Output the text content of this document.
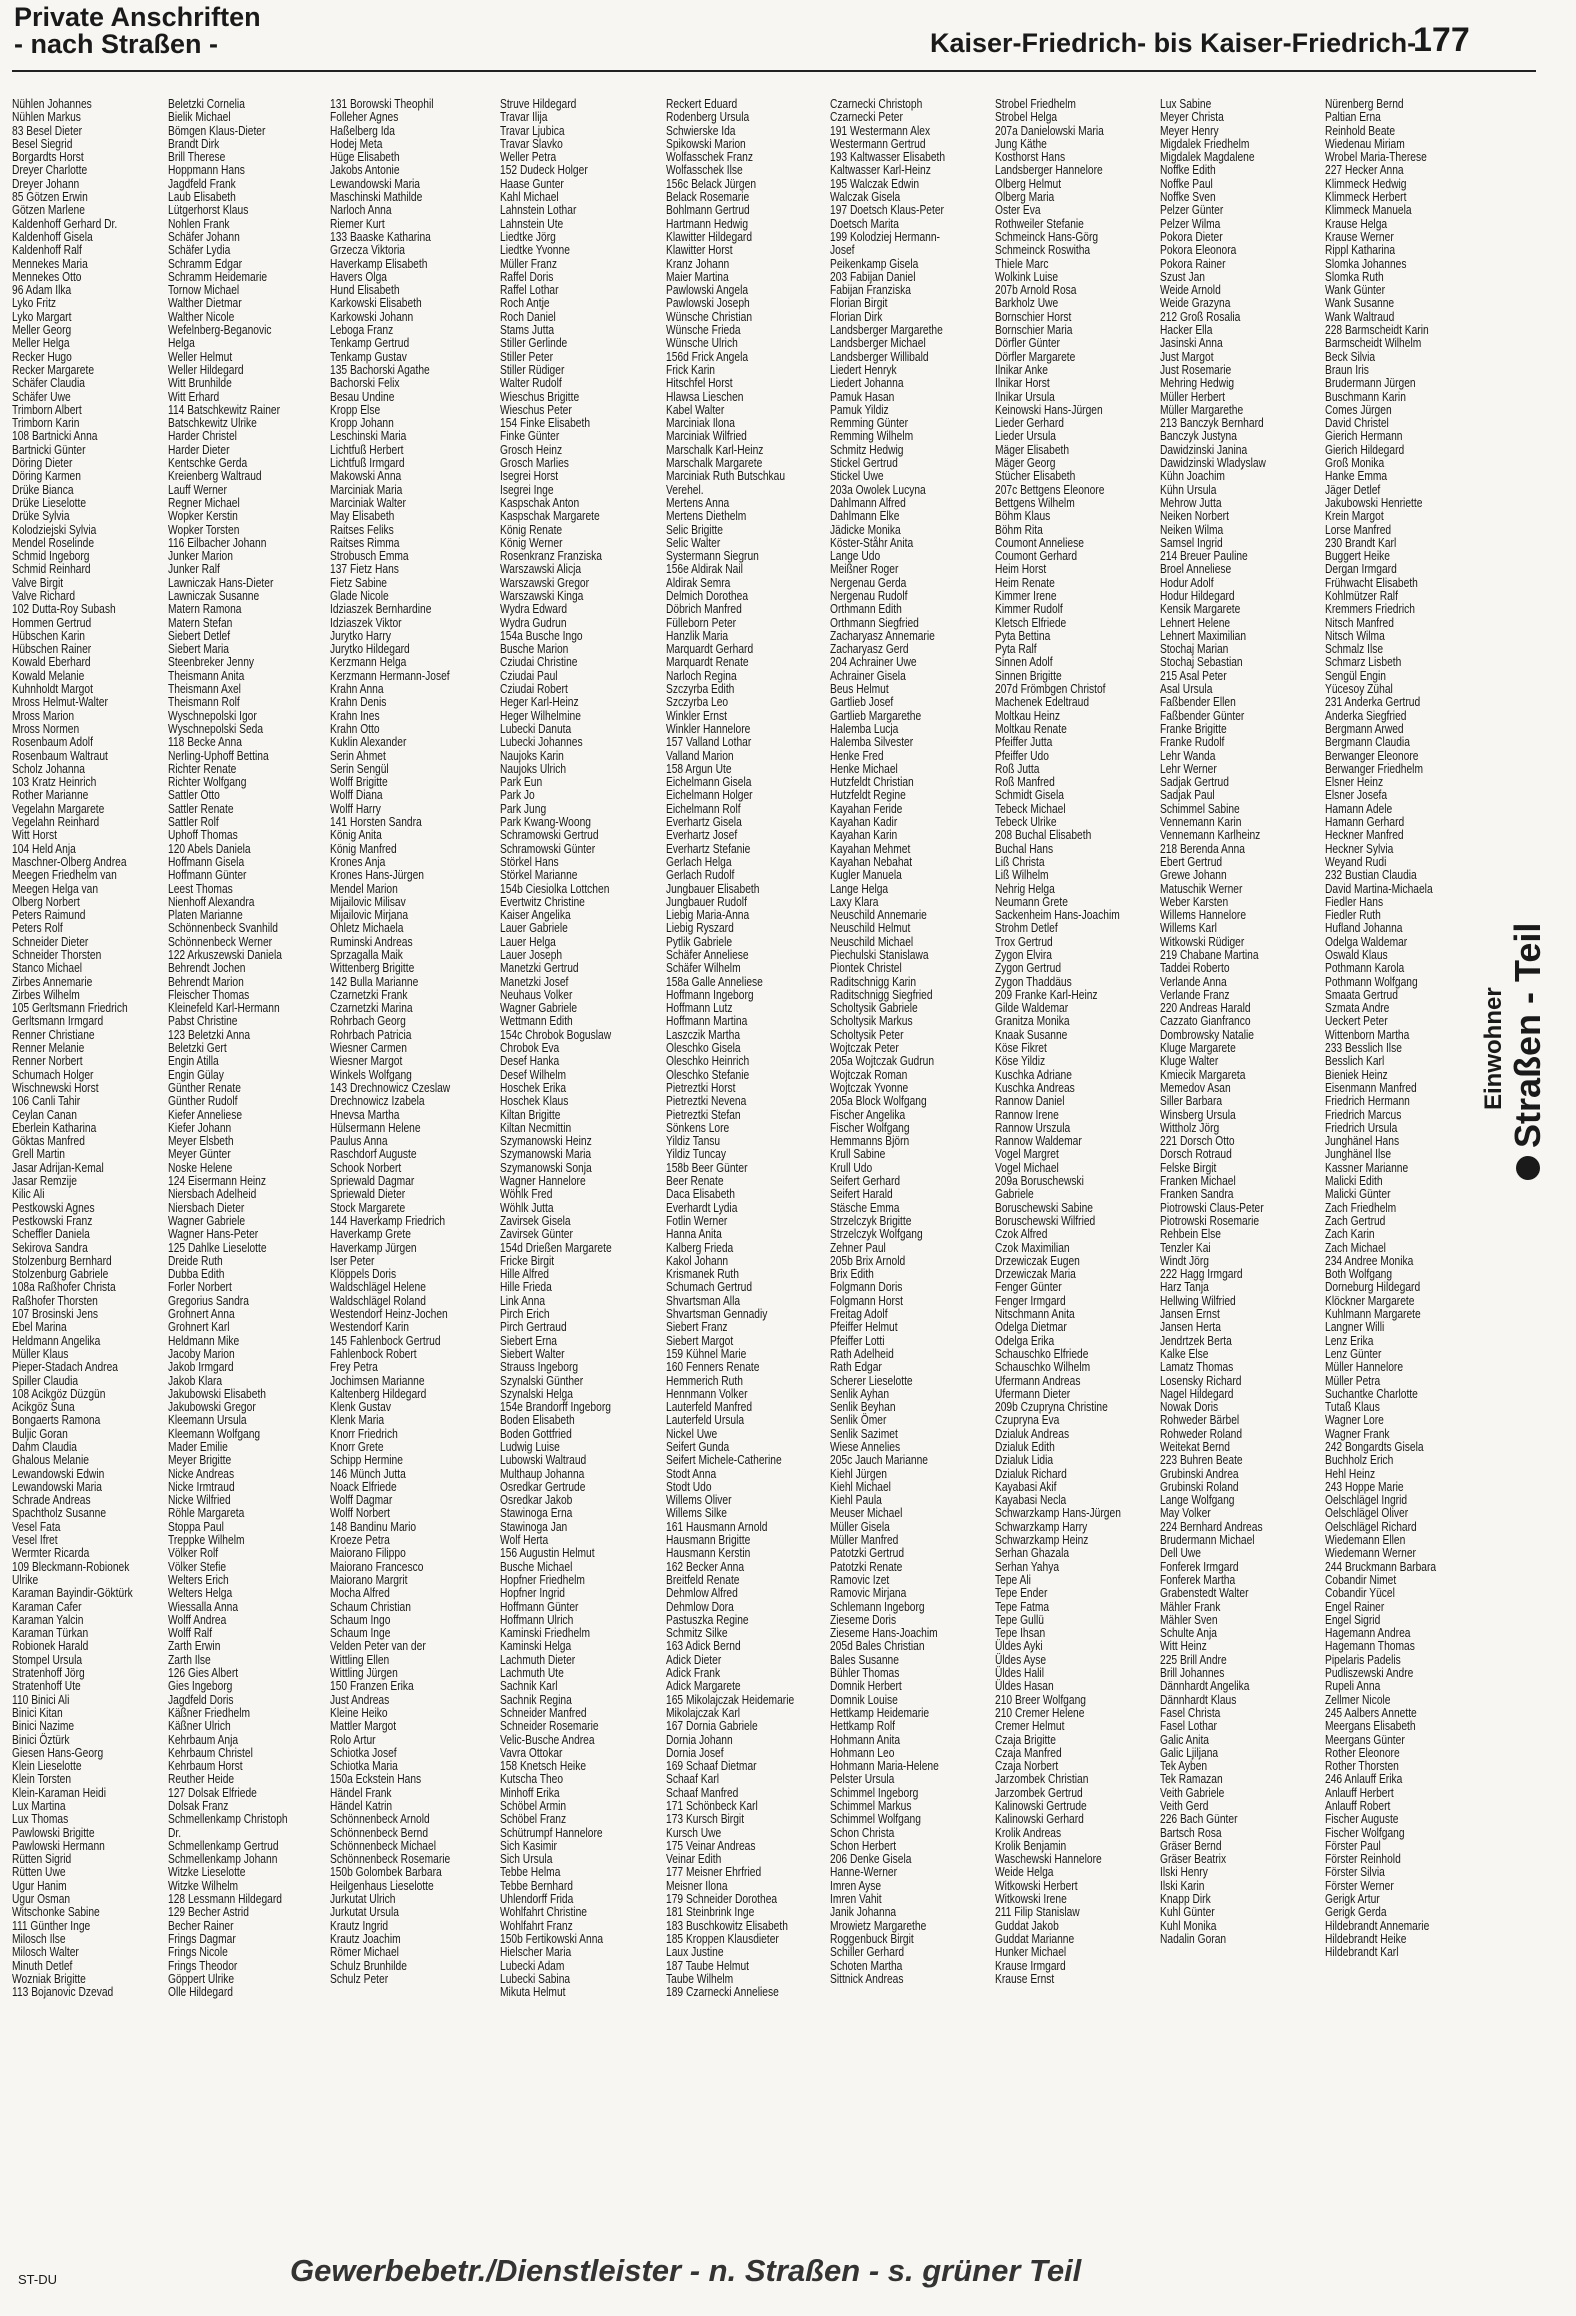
Private Anschriften
- nach Straßen -	Kaiser-Friedrich- bis Kaiser-Friedrich-
177
Einwohner Straßen - Teil
Nühlen Johannes
Nühlen Markus
83 Besel Dieter
Besel Siegrid
Borgardts Horst
Dreyer Charlotte
Dreyer Johann
85 Götzen Erwin
Götzen Marlene
Kaldenhoff Gerhard Dr.
Kaldenhoff Gisela
Kaldenhoff Ralf
Mennekes Maria
Mennekes Otto
96 Adam Ilka
Lyko Fritz
Lyko Margart
Meller Georg
Meller Helga
Recker Hugo
Recker Margarete
Schäfer Claudia
Schäfer Uwe
Trimborn Albert
Trimborn Karin
108 Bartnicki Anna
Bartnicki Günter
Döring Dieter
Döring Karmen
Drüke Bianca
Drüke Lieselotte
Drüke Sylvia
Kolodziejski Sylvia
Mendel Roselinde
Schmid Ingeborg
Schmid Reinhard
Valve Birgit
Valve Richard
102 Dutta-Roy Subash
Hommen Gertrud
Hübschen Karin
Hübschen Rainer
Kowald Eberhard
Kowald Melanie
Kuhnholdt Margot
Mross Helmut-Walter
Mross Marion
Mross Normen
Rosenbaum Adolf
Rosenbaum Waltraut
Scholz Johanna
103 Kratz Heinrich
Rother Marianne
Vegelahn Margarete
Vegelahn Reinhard
Witt Horst
104 Held Anja
Maschner-Olberg Andrea
Meegen Friedhelm van
Meegen Helga van
Olberg Norbert
Peters Raimund
Peters Rolf
Schneider Dieter
Schneider Thorsten
Stanco Michael
Zirbes Annemarie
Zirbes Wilhelm
105 Gerltsmann Friedrich
Gerltsmann Irmgard
Renner Christiane
Renner Melanie
Renner Norbert
Schumach Holger
Wischnewski Horst
106 Canli Tahir
Ceylan Canan
Eberlein Katharina
Göktas Manfred
Grell Martin
Jasar Adrijan-Kemal
Jasar Remzije
Kilic Ali
Pestkowski Agnes
Pestkowski Franz
Scheffler Daniela
Sekirova Sandra
Stolzenburg Bernhard
Stolzenburg Gabriele
108a Raßhofer Christa
Raßhofer Thorsten
107 Brosinski Jens
Ebel Marina
Heldmann Angelika
Müller Klaus
Pieper-Stadach Andrea
Spiller Claudia
108 Acikgöz Düzgün
Acikgöz Suna
Bongaerts Ramona
Buljic Goran
Dahm Claudia
Ghalous Melanie
Lewandowski Edwin
Lewandowski Maria
Schrade Andreas
Spachtholz Susanne
Vesel Fata
Vesel Ifret
Wermter Ricarda
109 Bleckmann-Robionek
Ulrike
Karaman Bayindir-Göktürk
Karaman Cafer
Karaman Yalcin
Karaman Türkan
Robionek Harald
Stompel Ursula
Stratenhoff Jörg
Stratenhoff Ute
110 Binici Ali
Binici Kitan
Binici Nazime
Binici Öztürk
Giesen Hans-Georg
Klein Lieselotte
Klein Torsten
Klein-Karaman Heidi
Lux Martina
Lux Thomas
Pawlowski Brigitte
Pawlowski Hermann
Rütten Sigrid
Rütten Uwe
Ugur Hanim
Ugur Osman
Witschonke Sabine
111 Günther Inge
Milosch Ilse
Milosch Walter
Minuth Detlef
Wozniak Brigitte
113 Bojanovic Dzevad
Beletzki Cornelia
Bielik Michael
Bömgen Klaus-Dieter
Brandt Dirk
Brill Therese
Hoppmann Hans
Jagdfeld Frank
Laub Elisabeth
Lütgerhorst Klaus
Nohlen Frank
Schäfer Johann
Schäfer Lydia
Schramm Edgar
Schramm Heidemarie
Tornow Michael
Walther Dietmar
Walther Nicole
Wefelnberg-Beganovic
Helga
Weller Helmut
Weller Hildegard
Witt Brunhilde
Witt Erhard
114 Batschkewitz Rainer
Batschkewitz Ulrike
Harder Christel
Harder Dieter
Kentschke Gerda
Kreienberg Waltraud
Lauff Werner
Regner Michael
Wopker Kerstin
Wopker Torsten
116 Eilbacher Johann
Junker Marion
Junker Ralf
Lawniczak Hans-Dieter
Lawniczak Susanne
Matern Ramona
Matern Stefan
Siebert Detlef
Siebert Maria
Steenbreker Jenny
Theismann Anita
Theismann Axel
Theismann Rolf
Wyschnepolski Igor
Wyschnepolski Seda
118 Becke Anna
Nerling-Uphoff Bettina
Richter Renate
Richter Wolfgang
Sattler Otto
Sattler Renate
Sattler Rolf
Uphoff Thomas
120 Abels Daniela
Hoffmann Gisela
Hoffmann Günter
Leest Thomas
Nienhoff Alexandra
Platen Marianne
Schönnenbeck Svanhild
Schönnenbeck Werner
122 Arkuszewski Daniela
Behrendt Jochen
Behrendt Marion
Fleischer Thomas
Kleinefeld Karl-Hermann
Pabst Christine
123 Beletzki Anna
Beletzki Gert
Engin Atilla
Engin Gülay
Günther Renate
Günther Rudolf
Kiefer Anneliese
Kiefer Johann
Meyer Elsbeth
Meyer Günter
Noske Helene
124 Eisermann Heinz
Niersbach Adelheid
Niersbach Dieter
Wagner Gabriele
Wagner Hans-Peter
125 Dahlke Lieselotte
Dreide Ruth
Dubba Edith
Forler Norbert
Gregorius Sandra
Grohnert Anna
Grohnert Karl
Heldmann Mike
Jacoby Marion
Jakob Irmgard
Jakob Klara
Jakubowski Elisabeth
Jakubowski Gregor
Kleemann Ursula
Kleemann Wolfgang
Mader Emilie
Meyer Brigitte
Nicke Andreas
Nicke Irmtraud
Nicke Wilfried
Röhle Margareta
Stoppa Paul
Treppke Wilhelm
Völker Rolf
Völker Stefie
Welters Erich
Welters Helga
Wiessalla Anna
Wolff Andrea
Wolff Ralf
Zarth Erwin
Zarth Ilse
126 Gies Albert
Gies Ingeborg
Jagdfeld Doris
Käßner Friedhelm
Käßner Ulrich
Kehrbaum Anja
Kehrbaum Christel
Kehrbaum Horst
Reuther Heide
127 Dolsak Elfriede
Dolsak Franz
Schmellenkamp Christoph
Dr.
Schmellenkamp Gertrud
Schmellenkamp Johann
Witzke Lieselotte
Witzke Wilhelm
128 Lessmann Hildegard
129 Becher Astrid
Becher Rainer
Frings Dagmar
Frings Nicole
Frings Theodor
Göppert Ulrike
Olle Hildegard
131 Borowski Theophil
Folleher Agnes
Haßelberg Ida
Hodej Meta
Hüge Elisabeth
Jakobs Antonie
Lewandowski Maria
Maschinski Mathilde
Narloch Anna
Riemer Kurt
133 Baaske Katharina
Grzecza Viktoria
Haverkamp Elisabeth
Havers Olga
Hund Elisabeth
Karkowski Elisabeth
Karkowski Johann
Leboga Franz
Tenkamp Gertrud
Tenkamp Gustav
135 Bachorski Agathe
Bachorski Felix
Besau Undine
Kropp Else
Kropp Johann
Leschinski Maria
Lichtfuß Herbert
Lichtfuß Irmgard
Makowski Anna
Marciniak Maria
Marciniak Walter
May Elisabeth
Raitses Feliks
Raitses Rimma
Strobusch Emma
137 Fietz Hans
Fietz Sabine
Glade Nicole
Idziaszek Bernhardine
Idziaszek Viktor
Jurytko Harry
Jurytko Hildegard
Kerzmann Helga
Kerzmann Hermann-Josef
Krahn Anna
Krahn Denis
Krahn Ines
Krahn Otto
Kuklin Alexander
Serin Ahmet
Serin Sengül
Wolff Brigitte
Wolff Diana
Wolff Harry
141 Horsten Sandra
König Anita
König Manfred
Krones Anja
Krones Hans-Jürgen
Mendel Marion
Mijailovic Milisav
Mijailovic Mirjana
Ohletz Michaela
Ruminski Andreas
Sprzagalla Maik
Wittenberg Brigitte
142 Bulla Marianne
Czarnetzki Frank
Czarnetzki Marina
Rohrbach Georg
Rohrbach Patricia
Wiesner Carmen
Wiesner Margot
Winkels Wolfgang
143 Drechnowicz Czeslaw
Drechnowicz Izabela
Hnevsa Martha
Hülsermann Helene
Paulus Anna
Raschdorf Auguste
Schook Norbert
Spriewald Dagmar
Spriewald Dieter
Stock Margarete
144 Haverkamp Friedrich
Haverkamp Grete
Haverkamp Jürgen
Iser Peter
Klöppels Doris
Waldschlägel Helene
Waldschlägel Roland
Westendorf Heinz-Jochen
Westendorf Karin
145 Fahlenbock Gertrud
Fahlenbock Robert
Frey Petra
Jochimsen Marianne
Kaltenberg Hildegard
Klenk Gustav
Klenk Maria
Knorr Friedrich
Knorr Grete
Schipp Hermine
146 Münch Jutta
Noack Elfriede
Wolff Dagmar
Wolff Norbert
148 Bandinu Mario
Kroeze Petra
Maiorano Filippo
Maiorano Francesco
Maiorano Margrit
Mocha Alfred
Schaum Christian
Schaum Ingo
Schaum Inge
Velden Peter van der
Wittling Ellen
Wittling Jürgen
150 Franzen Erika
Just Andreas
Kleine Heiko
Mattler Margot
Rolo Artur
Schiotka Josef
Schiotka Maria
150a Eckstein Hans
Händel Frank
Händel Katrin
Schönnenbeck Arnold
Schönnenbeck Bernd
Schönnenbeck Michael
Schönnenbeck Rosemarie
150b Golombek Barbara
Heilgenhaus Lieselotte
Jurkutat Ulrich
Jurkutat Ursula
Krautz Ingrid
Krautz Joachim
Römer Michael
Schulz Brunhilde
Schulz Peter
Struve Hildegard
Travar Ilija
Travar Ljubica
Travar Slavko
Weller Petra
152 Dudeck Holger
Haase Gunter
Kahl Michael
Lahnstein Lothar
Lahnstein Ute
Liedtke Jörg
Liedtke Yvonne
Müller Franz
Raffel Doris
Raffel Lothar
Roch Antje
Roch Daniel
Stams Jutta
Stiller Gerlinde
Stiller Peter
Stiller Rüdiger
Walter Rudolf
Wieschus Brigitte
Wieschus Peter
154 Finke Elisabeth
Finke Günter
Grosch Heinz
Grosch Marlies
Isegrei Horst
Isegrei Inge
Kaspschak Anton
Kaspschak Margarete
König Renate
König Werner
Rosenkranz Franziska
Warszawski Alicja
Warszawski Gregor
Warszawski Kinga
Wydra Edward
Wydra Gudrun
154a Busche Ingo
Busche Marion
Cziudai Christine
Cziudai Paul
Cziudai Robert
Heger Karl-Heinz
Heger Wilhelmine
Lubecki Danuta
Lubecki Johannes
Naujoks Karin
Naujoks Ulrich
Park Eun
Park Jo
Park Jung
Park Kwang-Woong
Schramowski Gertrud
Schramowski Günter
Störkel Hans
Störkel Marianne
154b Ciesiolka Lottchen
Evertwitz Christine
Kaiser Angelika
Lauer Gabriele
Lauer Helga
Lauer Joseph
Manetzki Gertrud
Manetzki Josef
Neuhaus Volker
Wagner Gabriele
Wettmann Edith
154c Chrobok Boguslaw
Chrobok Eva
Desef Hanka
Desef Wilhelm
Hoschek Erika
Hoschek Klaus
Kiltan Brigitte
Kiltan Necmittin
Szymanowski Heinz
Szymanowski Maria
Szymanowski Sonja
Wagner Hannelore
Wöhlk Fred
Wöhlk Jutta
Zavirsek Gisela
Zavirsek Günter
154d Drießen Margarete
Fricke Birgit
Hille Alfred
Hille Frieda
Link Anna
Pirch Erich
Pirch Gertraud
Siebert Erna
Siebert Walter
Strauss Ingeborg
Szynalski Günther
Szynalski Helga
154e Brandorff Ingeborg
Boden Elisabeth
Boden Gottfried
Ludwig Luise
Lubowski Waltraud
Multhaup Johanna
Osredkar Gertrude
Osredkar Jakob
Stawinoga Erna
Stawinoga Jan
Wolf Herta
156 Augustin Helmut
Busche Michael
Hopfner Friedhelm
Hopfner Ingrid
Hoffmann Günter
Hoffmann Ulrich
Kaminski Friedhelm
Kaminski Helga
Lachmuth Dieter
Lachmuth Ute
Sachnik Karl
Sachnik Regina
Schneider Manfred
Schneider Rosemarie
Velic-Busche Andrea
Vavra Ottokar
158 Knetsch Heike
Kutscha Theo
Minhoff Erika
Schöbel Armin
Schöbel Franz
Schütrumpf Hannelore
Sich Kasimir
Sich Ursula
Tebbe Helma
Tebbe Bernhard
Uhlendorff Frida
Wohlfahrt Christine
Wohlfahrt Franz
150b Fertikowski Anna
Hielscher Maria
Lubecki Adam
Lubecki Sabina
Mikuta Helmut
Reckert Eduard
Rodenberg Ursula
Schwierske Ida
Spikowski Marion
Wolfasschek Franz
Wolfasschek Ilse
156c Belack Jürgen
Belack Rosemarie
Bohlmann Gertrud
Hartmann Hedwig
Klawitter Hildegard
Klawitter Horst
Kranz Johann
Maier Martina
Pawlowski Angela
Pawlowski Joseph
Wünsche Christian
Wünsche Frieda
Wünsche Ulrich
156d Frick Angela
Frick Karin
Hitschfel Horst
Hlawsa Lieschen
Kabel Walter
Marciniak Ilona
Marciniak Wilfried
Marschalk Karl-Heinz
Marschalk Margarete
Marciniak Ruth Butschkau
Verehel.
Mertens Anna
Mertens Diethelm
Selic Brigitte
Selic Walter
Systermann Siegrun
156e Aldirak Nail
Aldirak Semra
Delmich Dorothea
Döbrich Manfred
Fülleborn Peter
Hanzlik Maria
Marquardt Gerhard
Marquardt Renate
Narloch Regina
Szczyrba Edith
Szczyrba Leo
Winkler Ernst
Winkler Hannelore
157 Valland Lothar
Valland Marion
158 Argun Ute
Eichelmann Gisela
Eichelmann Holger
Eichelmann Rolf
Everhartz Gisela
Everhartz Josef
Everhartz Stefanie
Gerlach Helga
Gerlach Rudolf
Jungbauer Elisabeth
Jungbauer Rudolf
Liebig Maria-Anna
Liebig Ryszard
Pytlik Gabriele
Schäfer Anneliese
Schäfer Wilhelm
158a Galle Anneliese
Hoffmann Ingeborg
Hoffmann Lutz
Hoffmann Martina
Laszczik Martha
Oleschko Gisela
Oleschko Heinrich
Oleschko Stefanie
Pietreztki Horst
Pietreztki Nevena
Pietreztki Stefan
Sönkens Lore
Yildiz Tansu
Yildiz Tuncay
158b Beer Günter
Beer Renate
Daca Elisabeth
Everhardt Lydia
Fotlin Werner
Hanna Anita
Kalberg Frieda
Kakol Johann
Krismanek Ruth
Schumach Gertrud
Shvartsman Alla
Shvartsman Gennadiy
Siebert Franz
Siebert Margot
159 Kühnel Marie
160 Fenners Renate
Hemmerich Ruth
Hennmann Volker
Lauterfeld Manfred
Lauterfeld Ursula
Nickel Uwe
Seifert Gunda
Seifert Michele-Catherine
Stodt Anna
Stodt Udo
Willems Oliver
Willems Silke
161 Hausmann Arnold
Hausmann Brigitte
Hausmann Kerstin
162 Becker Anna
Breitfeld Renate
Dehmlow Alfred
Dehmlow Dora
Pastuszka Regine
Schmitz Silke
163 Adick Bernd
Adick Dieter
Adick Frank
Adick Margarete
165 Mikolajczak Heidemarie
Mikolajczak Karl
167 Dornia Gabriele
Dornia Johann
Dornia Josef
169 Schaaf Dietmar
Schaaf Karl
Schaaf Manfred
171 Schönbeck Karl
173 Kursch Birgit
Kursch Uwe
175 Veinar Andreas
Veinar Edith
177 Meisner Ehrfried
Meisner Ilona
179 Schneider Dorothea
181 Steinbrink Inge
183 Buschkowitz Elisabeth
185 Kroppen Klausdieter
Laux Justine
187 Taube Helmut
Taube Wilhelm
189 Czarnecki Anneliese
Czarnecki Christoph
Czarnecki Peter
191 Westermann Alex
Westermann Gertrud
193 Kaltwasser Elisabeth
Kaltwasser Karl-Heinz
195 Walczak Edwin
Walczak Gisela
197 Doetsch Klaus-Peter
Doetsch Marita
199 Kolodziej Hermann-
Josef
Peikenkamp Gisela
203 Fabijan Daniel
Fabijan Franziska
Florian Birgit
Florian Dirk
Landsberger Margarethe
Landsberger Michael
Landsberger Willibald
Liedert Henryk
Liedert Johanna
Pamuk Hasan
Pamuk Yildiz
Remming Günter
Remming Wilhelm
Schmitz Hedwig
Stickel Gertrud
Stickel Uwe
203a Owolek Lucyna
Dahlmann Alfred
Dahlmann Elke
Jädicke Monika
Köster-Ståhr Anita
Lange Udo
Meißner Roger
Nergenau Gerda
Nergenau Rudolf
Orthmann Edith
Orthmann Siegfried
Zacharyasz Annemarie
Zacharyasz Gerd
204 Achrainer Uwe
Achrainer Gisela
Beus Helmut
Gartlieb Josef
Gartlieb Margarethe
Halemba Lucja
Halemba Silvester
Henke Fred
Henke Michael
Hutzfeldt Christian
Hutzfeldt Regine
Kayahan Feride
Kayahan Kadir
Kayahan Karin
Kayahan Mehmet
Kayahan Nebahat
Kugler Manuela
Lange Helga
Laxy Klara
Neuschild Annemarie
Neuschild Helmut
Neuschild Michael
Piechulski Stanislawa
Piontek Christel
Raditschnigg Karin
Raditschnigg Siegfried
Scholtysik Gabriele
Scholtysik Markus
Scholtysik Peter
Wojtczak Peter
205a Wojtczak Gudrun
Wojtczak Roman
Wojtczak Yvonne
205a Block Wolfgang
Fischer Angelika
Fischer Wolfgang
Hemmanns Björn
Krull Sabine
Krull Udo
Seifert Gerhard
Seifert Harald
Stäsche Emma
Strzelczyk Brigitte
Strzelczyk Wolfgang
Zehner Paul
205b Brix Arnold
Brix Edith
Folgmann Doris
Folgmann Horst
Freitag Adolf
Pfeiffer Helmut
Pfeiffer Lotti
Rath Adelheid
Rath Edgar
Scherer Lieselotte
Senlik Ayhan
Senlik Beyhan
Senlik Ömer
Senlik Sazimet
Wiese Annelies
205c Jauch Marianne
Kiehl Jürgen
Kiehl Michael
Kiehl Paula
Meuser Michael
Müller Gisela
Müller Manfred
Patotzki Gertrud
Patotzki Renate
Ramovic Izet
Ramovic Mirjana
Schlemann Ingeborg
Zieseme Doris
Zieseme Hans-Joachim
205d Bales Christian
Bales Susanne
Bühler Thomas
Domnik Herbert
Domnik Louise
Hettkamp Heidemarie
Hettkamp Rolf
Hohmann Anita
Hohmann Leo
Hohmann Maria-Helene
Pelster Ursula
Schimmel Ingeborg
Schimmel Markus
Schimmel Wolfgang
Schon Christa
Schon Herbert
206 Denke Gisela
Hanne-Werner
Imren Ayse
Imren Vahit
Janik Johanna
Mrowietz Margarethe
Roggenbuck Birgit
Schiller Gerhard
Schoten Martha
Sittnick Andreas
Strobel Friedhelm
Strobel Helga
207a Danielowski Maria
Jung Käthe
Kosthorst Hans
Landsberger Hannelore
Olberg Helmut
Olberg Maria
Oster Eva
Rothweiler Stefanie
Schmeinck Hans-Görg
Schmeinck Roswitha
Thiele Marc
Wolkink Luise
207b Arnold Rosa
Barkholz Uwe
Bornschier Horst
Bornschier Maria
Dörfler Günter
Dörfler Margarete
Ilnikar Anke
Ilnikar Horst
Ilnikar Ursula
Keinowski Hans-Jürgen
Lieder Gerhard
Lieder Ursula
Mäger Elisabeth
Mäger Georg
Stücher Elisabeth
207c Bettgens Eleonore
Bettgens Wilhelm
Böhm Klaus
Böhm Rita
Coumont Anneliese
Coumont Gerhard
Heim Horst
Heim Renate
Kimmer Irene
Kimmer Rudolf
Kletsch Elfriede
Pyta Bettina
Pyta Ralf
Sinnen Adolf
Sinnen Brigitte
207d Frömbgen Christof
Machenek Edeltraud
Moltkau Heinz
Moltkau Renate
Pfeiffer Jutta
Pfeiffer Udo
Roß Jutta
Roß Manfred
Schmidt Gisela
Tebeck Michael
Tebeck Ulrike
208 Buchal Elisabeth
Buchal Hans
Liß Christa
Liß Wilhelm
Nehrig Helga
Neumann Grete
Sackenheim Hans-Joachim
Strohm Detlef
Trox Gertrud
Zygon Elvira
Zygon Gertrud
Zygon Thaddäus
209 Franke Karl-Heinz
Gilde Waldemar
Granitza Monika
Knaak Susanne
Köse Fikret
Köse Yildiz
Kuschka Adriane
Kuschka Andreas
Rannow Daniel
Rannow Irene
Rannow Urszula
Rannow Waldemar
Vogel Margret
Vogel Michael
209a Boruschewski
Gabriele
Boruschewski Sabine
Boruschewski Wilfried
Czok Alfred
Czok Maximilian
Drzewiczak Eugen
Drzewiczak Maria
Fenger Günter
Fenger Irmgard
Nitschmann Anita
Odelga Dietmar
Odelga Erika
Schauschko Elfriede
Schauschko Wilhelm
Ufermann Andreas
Ufermann Dieter
209b Czupryna Christine
Czupryna Eva
Dzialuk Andreas
Dzialuk Edith
Dzialuk Lidia
Dzialuk Richard
Kayabasi Akif
Kayabasi Necla
Schwarzkamp Hans-Jürgen
Schwarzkamp Harry
Schwarzkamp Heinz
Serhan Ghazala
Serhan Yahya
Tepe Ali
Tepe Ender
Tepe Fatma
Tepe Gullü
Tepe Ihsan
Üldes Ayki
Üldes Ayse
Üldes Halil
Üldes Hasan
210 Breer Wolfgang
210 Cremer Helene
Cremer Helmut
Czaja Brigitte
Czaja Manfred
Czaja Norbert
Jarzombek Christian
Jarzombek Gertrud
Kalinowski Gertrude
Kalinowski Gerhard
Krolik Andreas
Krolik Benjamin
Waschewski Hannelore
Weide Helga
Witkowski Herbert
Witkowski Irene
211 Filip Stanislaw
Guddat Jakob
Guddat Marianne
Hunker Michael
Krause Irmgard
Krause Ernst
Lux Sabine
Meyer Christa
Meyer Henry
Migdalek Friedhelm
Migdalek Magdalene
Noffke Edith
Noffke Paul
Noffke Sven
Pelzer Günter
Pelzer Wilma
Pokora Dieter
Pokora Eleonora
Pokora Rainer
Szust Jan
Weide Arnold
Weide Grazyna
212 Groß Rosalia
Hacker Ella
Jasinski Anna
Just Margot
Just Rosemarie
Mehring Hedwig
Müller Herbert
Müller Margarethe
213 Banczyk Bernhard
Banczyk Justyna
Dawidzinski Janina
Dawidzinski Wladyslaw
Kühn Joachim
Kühn Ursula
Mehrow Jutta
Neiken Norbert
Neiken Wilma
Samsel Ingrid
214 Breuer Pauline
Broel Anneliese
Hodur Adolf
Hodur Hildegard
Kensik Margarete
Lehnert Helene
Lehnert Maximilian
Stochaj Marian
Stochaj Sebastian
215 Asal Peter
Asal Ursula
Faßbender Ellen
Faßbender Günter
Franke Brigitte
Franke Rudolf
Lehr Wanda
Lehr Werner
Sadjak Gertrud
Sadjak Paul
Schimmel Sabine
Vennemann Karin
Vennemann Karlheinz
218 Berenda Anna
Ebert Gertrud
Grewe Johann
Matuschik Werner
Weber Karsten
Willems Hannelore
Willems Karl
Witkowski Rüdiger
219 Chabane Martina
Taddei Roberto
Verlande Anna
Verlande Franz
220 Andreas Harald
Cazzato Gianfranco
Dombrowsky Natalie
Kluge Margarete
Kluge Walter
Kmiecik Margareta
Memedov Asan
Siller Barbara
Winsberg Ursula
Wittholz Jörg
221 Dorsch Otto
Dorsch Rotraud
Felske Birgit
Franken Michael
Franken Sandra
Piotrowski Claus-Peter
Piotrowski Rosemarie
Rehbein Else
Tenzler Kai
Windt Jörg
222 Hagg Irmgard
Harz Tanja
Hellwing Wilfried
Jansen Ernst
Jansen Herta
Jendrtzek Berta
Kalke Else
Lamatz Thomas
Losensky Richard
Nagel Hildegard
Nowak Doris
Rohweder Bärbel
Rohweder Roland
Weitekat Bernd
223 Buhren Beate
Grubinski Andrea
Grubinski Roland
Lange Wolfgang
May Volker
224 Bernhard Andreas
Brudermann Michael
Dell Uwe
Fonferek Irmgard
Fonferek Martha
Grabenstedt Walter
Mähler Frank
Mähler Sven
Schulte Anja
Witt Heinz
225 Brill Andre
Brill Johannes
Dännhardt Angelika
Dännhardt Klaus
Fasel Christa
Fasel Lothar
Galic Anita
Galic Ljiljana
Tek Ayben
Tek Ramazan
Veith Gabriele
Veith Gerd
226 Bach Günter
Bartsch Rosa
Gräser Bernd
Gräser Beatrix
Ilski Henry
Ilski Karin
Knapp Dirk
Kuhl Günter
Kuhl Monika
Nadalin Goran
Nürenberg Bernd
Paltian Erna
Reinhold Beate
Wiedenau Miriam
Wrobel Maria-Therese
227 Hecker Anna
Klimmeck Hedwig
Klimmeck Herbert
Klimmeck Manuela
Krause Helga
Krause Werner
Rippl Katharina
Slomka Johannes
Slomka Ruth
Wank Günter
Wank Susanne
Wank Waltraud
228 Barmscheidt Karin
Barmscheidt Wilhelm
Beck Silvia
Braun Iris
Brudermann Jürgen
Buschmann Karin
Comes Jürgen
David Christel
Gierich Hermann
Gierich Hildegard
Groß Monika
Hanke Emma
Jäger Detlef
Jakubowski Henriette
Krein Margot
Lorse Manfred
230 Brandt Karl
Buggert Heike
Dergan Irmgard
Frühwacht Elisabeth
Kohlmützer Ralf
Kremmers Friedrich
Nitsch Manfred
Nitsch Wilma
Schmalz Ilse
Schmarz Lisbeth
Sengül Engin
Yücesoy Zühal
231 Anderka Gertrud
Anderka Siegfried
Bergmann Arwed
Bergmann Claudia
Berwanger Eleonore
Berwanger Friedhelm
Elsner Heinz
Elsner Josefa
Hamann Adele
Hamann Gerhard
Heckner Manfred
Heckner Sylvia
Weyand Rudi
232 Bustian Claudia
David Martina-Michaela
Fiedler Hans
Fiedler Ruth
Hufland Johanna
Odelga Waldemar
Oswald Klaus
Pothmann Karola
Pothmann Wolfgang
Smaata Gertrud
Szmata Andre
Ueckert Peter
Wittenborn Martha
233 Besslich Ilse
Besslich Karl
Bieniek Heinz
Eisenmann Manfred
Friedrich Hermann
Friedrich Marcus
Friedrich Ursula
Junghänel Hans
Junghänel Ilse
Kassner Marianne
Malicki Edith
Malicki Günter
Zach Friedhelm
Zach Gertrud
Zach Karin
Zach Michael
234 Andree Monika
Both Wolfgang
Dorneburg Hildegard
Klöckner Margarete
Kuhlmann Margarete
Langner Willi
Lenz Erika
Lenz Günter
Müller Hannelore
Müller Petra
Suchantke Charlotte
Tutaß Klaus
Wagner Lore
Wagner Frank
242 Bongardts Gisela
Buchholz Erich
Hehl Heinz
243 Hoppe Marie
Oelschlägel Ingrid
Oelschlägel Oliver
Oelschlägel Richard
Wiedemann Ellen
Wiedemann Werner
244 Bruckmann Barbara
Cobandir Nimet
Cobandir Yücel
Engel Rainer
Engel Sigrid
Hagemann Andrea
Hagemann Thomas
Pipelaris Padelis
Pudliszewski Andre
Rupeli Anna
Zellmer Nicole
245 Aalbers Annette
Meergans Elisabeth
Meergans Günter
Rother Eleonore
Rother Thorsten
246 Anlauff Erika
Anlauff Herbert
Anlauff Robert
Fischer Auguste
Fischer Wolfgang
Förster Paul
Förster Reinhold
Förster Silvia
Förster Werner
Gerigk Artur
Gerigk Gerda
Hildebrandt Annemarie
Hildebrandt Heike
Hildebrandt Karl
ST-DU	Gewerbebetr./Dienstleister - n. Straßen - s. grüner Teil
